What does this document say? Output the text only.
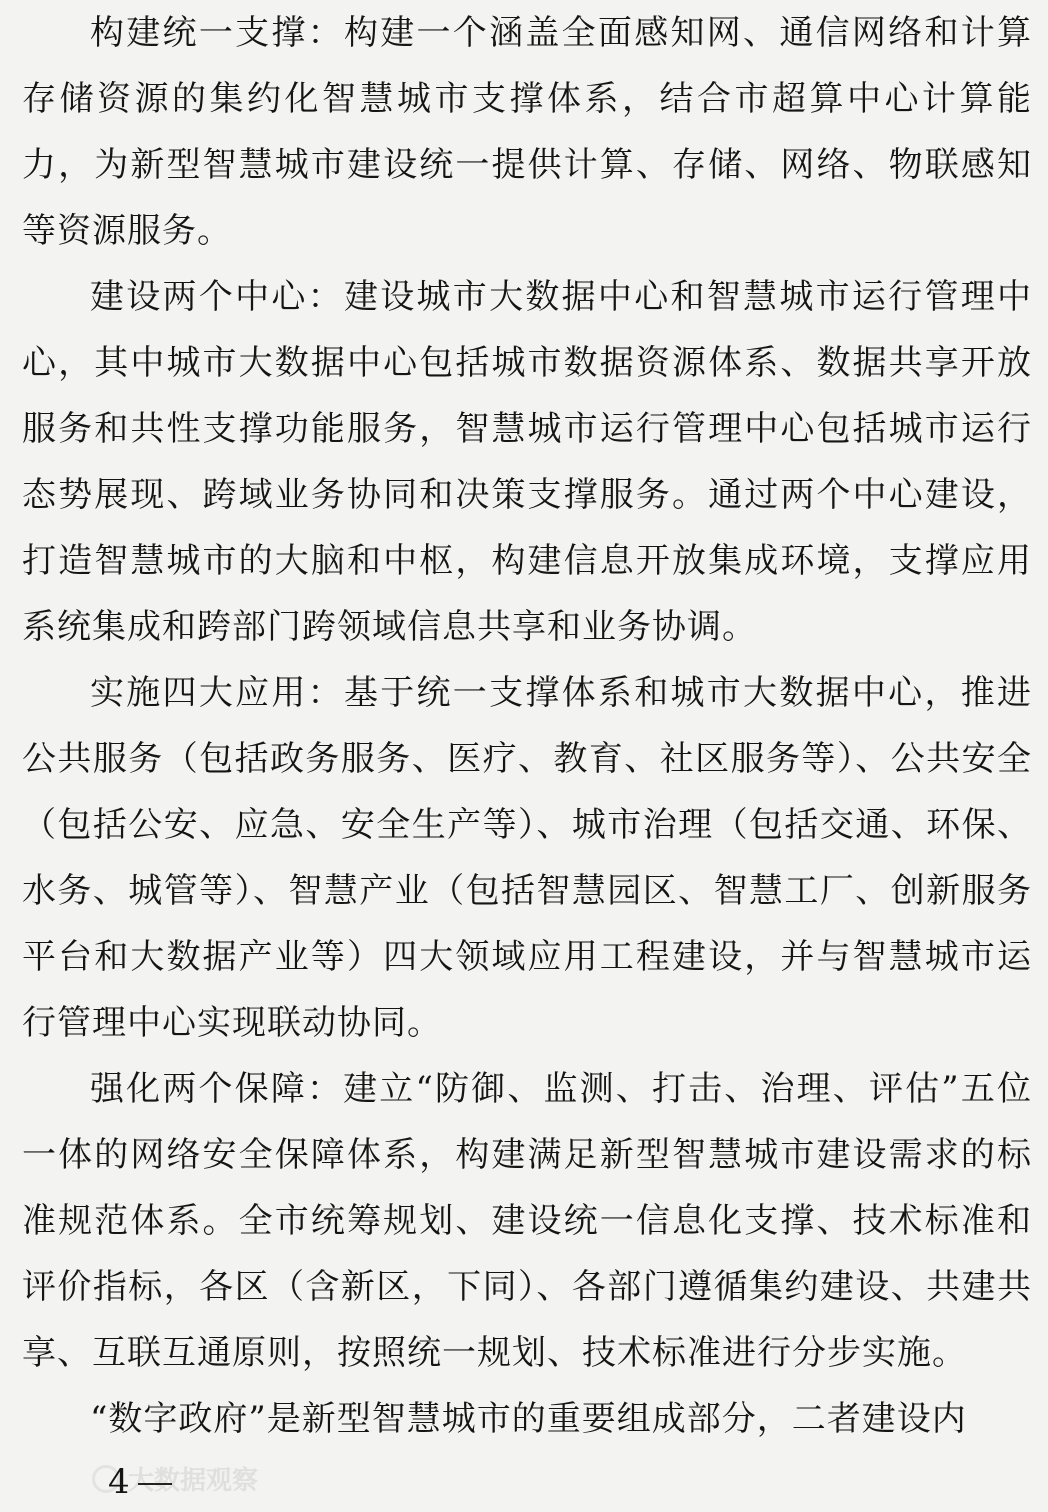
构建统一支撑：构建一个涵盖全面感知网、通信网络和计算存储资源的集约化智慧城市支撑体系，结合市超算中心计算能力，为新型智慧城市建设统一提供计算、存储、网络、物联感知等资源服务。

建设两个中心：建设城市大数据中心和智慧城市运行管理中心，其中城市大数据中心包括城市数据资源体系、数据共享开放服务和共性支撑功能服务，智慧城市运行管理中心包括城市运行态势展现、跨域业务协同和决策支撑服务。通过两个中心建设，打造智慧城市的大脑和中枢，构建信息开放集成环境，支撑应用系统集成和跨部门跨领域信息共享和业务协调。

实施四大应用：基于统一支撑体系和城市大数据中心，推进公共服务（包括政务服务、医疗、教育、社区服务等）、公共安全（包括公安、应急、安全生产等）、城市治理（包括交通、环保、水务、城管等）、智慧产业（包括智慧园区、智慧工厂、创新服务平台和大数据产业等）四大领域应用工程建设，并与智慧城市运行管理中心实现联动协同。

强化两个保障：建立“防御、监测、打击、治理、评估”五位一体的网络安全保障体系，构建满足新型智慧城市建设需求的标准规范体系。全市统筹规划、建设统一信息化支撑、技术标准和评价指标，各区（含新区，下同）、各部门遵循集约建设、共建共享、互联互通原则，按照统一规划、技术标准进行分步实施。

“数字政府”是新型智慧城市的重要组成部分，二者建设内

大数据观察
4
